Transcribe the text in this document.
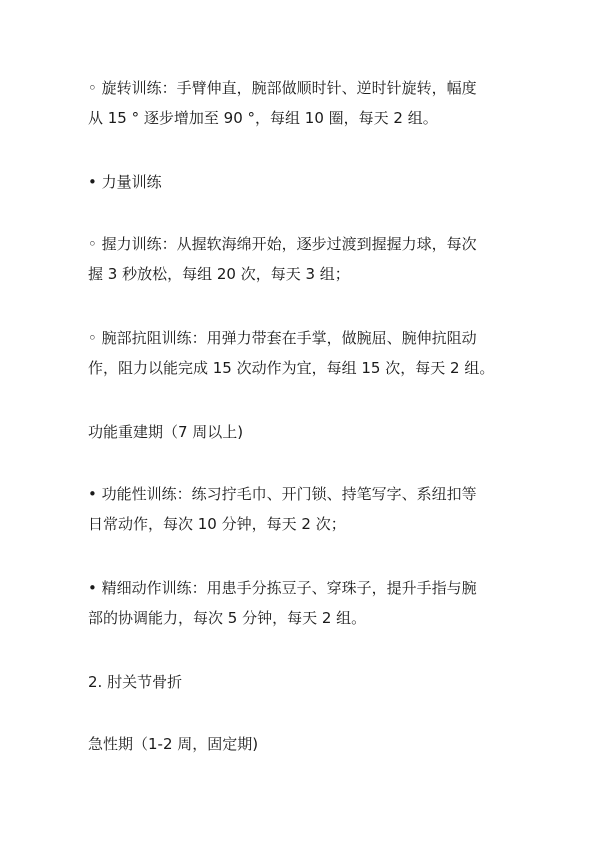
◦ 旋转训练：手臂伸直，腕部做顺时针、逆时针旋转，幅度
从 15 ° 逐步增加至 90 °，每组 10 圈，每天 2 组。

• 力量训练

◦ 握力训练：从握软海绵开始，逐步过渡到握握力球，每次
握 3 秒放松，每组 20 次，每天 3 组；

◦ 腕部抗阻训练：用弹力带套在手掌，做腕屈、腕伸抗阻动
作，阻力以能完成 15 次动作为宜，每组 15 次，每天 2 组。

功能重建期（7 周以上)

• 功能性训练：练习拧毛巾、开门锁、持笔写字、系纽扣等
日常动作，每次 10 分钟，每天 2 次；

• 精细动作训练：用患手分拣豆子、穿珠子，提升手指与腕
部的协调能力，每次 5 分钟，每天 2 组。

2. 肘关节骨折

急性期（1-2 周，固定期)
